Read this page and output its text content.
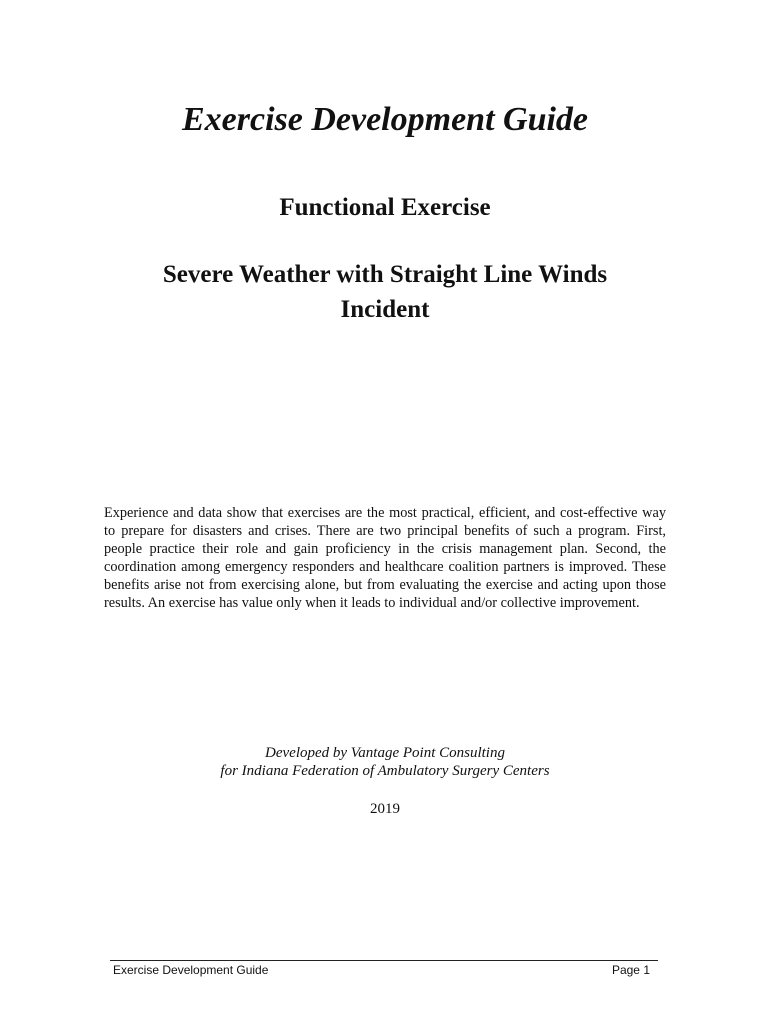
Exercise Development Guide
Functional Exercise
Severe Weather with Straight Line Winds Incident

Experience and data show that exercises are the most practical, efficient, and cost-effective way to prepare for disasters and crises. There are two principal benefits of such a program. First, people practice their role and gain proficiency in the crisis management plan. Second, the coordination among emergency responders and healthcare coalition partners is improved. These benefits arise not from exercising alone, but from evaluating the exercise and acting upon those results. An exercise has value only when it leads to individual and/or collective improvement.

Developed by Vantage Point Consulting
for Indiana Federation of Ambulatory Surgery Centers
2019
Exercise Development Guide	Page 1
